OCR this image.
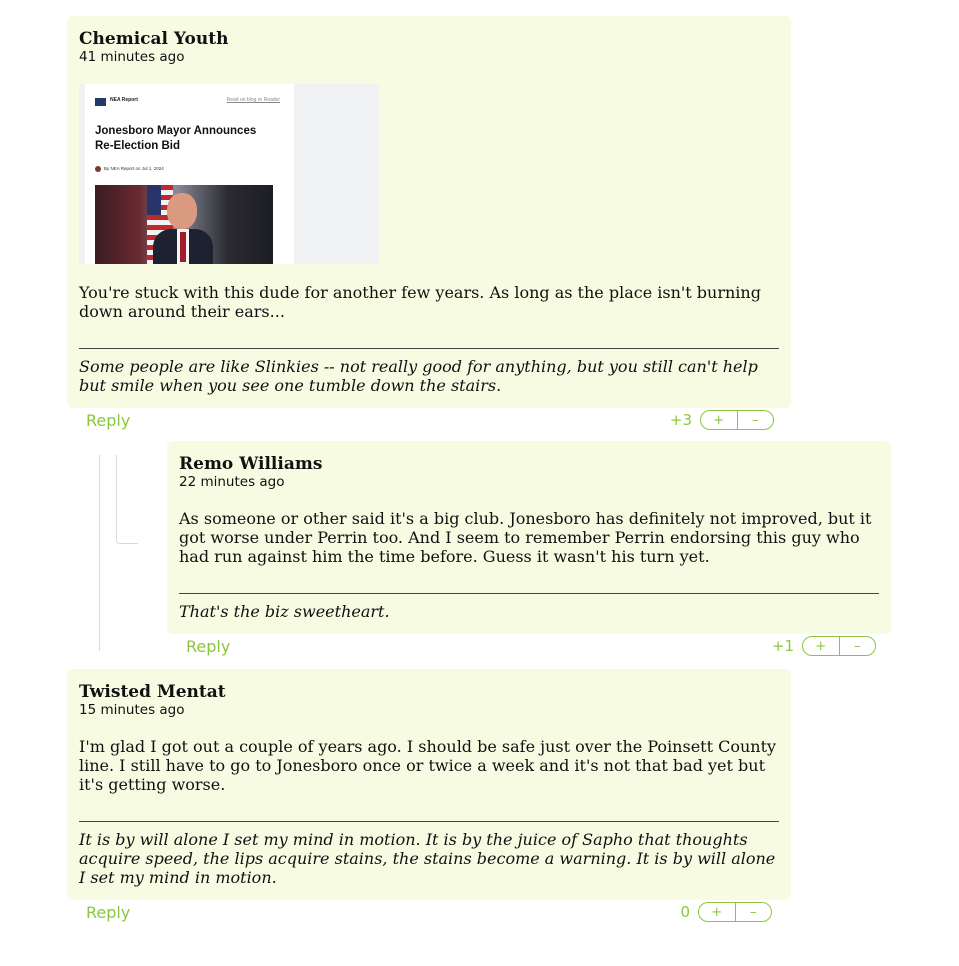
Chemical Youth
41 minutes ago
NEA Report	Read on blog or Reader
Jonesboro Mayor Announces Re-Election Bid
By NEA Report on Jul 1, 2024
You're stuck with this dude for another few years. As long as the place isn't burning down around their ears...
Some people are like Slinkies -- not really good for anything, but you still can't help but smile when you see one tumble down the stairs.
Reply	+3	+	–
Remo Williams
22 minutes ago
As someone or other said it's a big club. Jonesboro has definitely not improved, but it got worse under Perrin too. And I seem to remember Perrin endorsing this guy who had run against him the time before. Guess it wasn't his turn yet.
That's the biz sweetheart.
Reply	+1	+	–
Twisted Mentat
15 minutes ago
I'm glad I got out a couple of years ago. I should be safe just over the Poinsett County line. I still have to go to Jonesboro once or twice a week and it's not that bad yet but it's getting worse.
It is by will alone I set my mind in motion. It is by the juice of Sapho that thoughts acquire speed, the lips acquire stains, the stains become a warning. It is by will alone I set my mind in motion.
Reply	0	+	–
